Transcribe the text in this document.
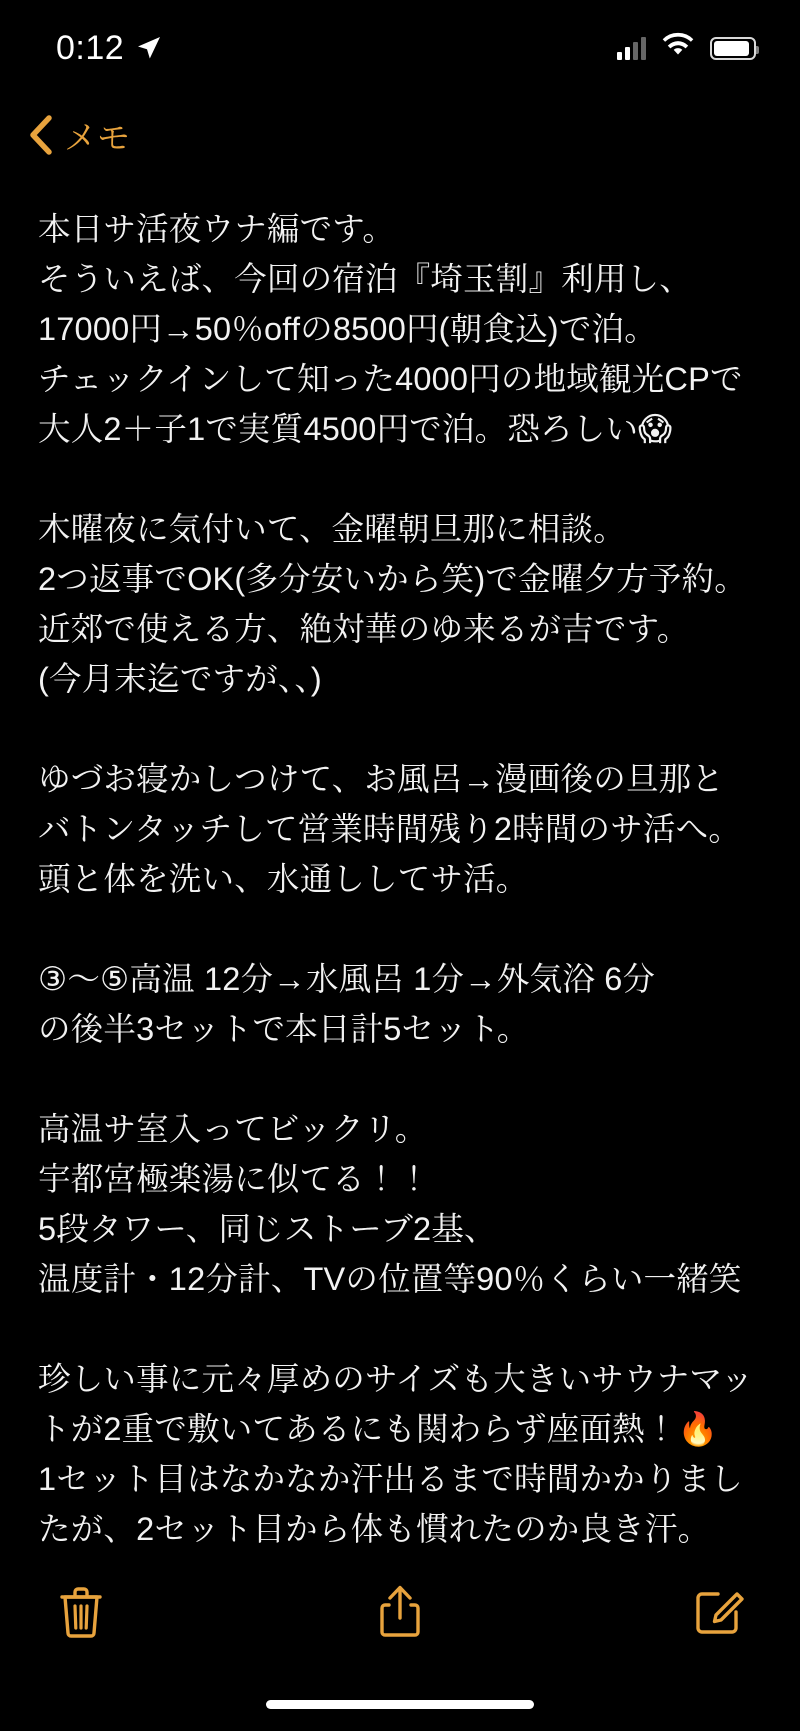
0:12
メモ
本日サ活夜ウナ編です。
そういえば、今回の宿泊『埼玉割』利用し、
17000円→50％offの8500円(朝食込)で泊。
チェックインして知った4000円の地域観光CPで
大人2＋子1で実質4500円で泊。恐ろしい😱
木曜夜に気付いて、金曜朝旦那に相談。
2つ返事でOK(多分安いから笑)で金曜夕方予約。
近郊で使える方、絶対華のゆ来るが吉です。
(今月末迄ですが、、)
ゆづお寝かしつけて、お風呂→漫画後の旦那と
バトンタッチして営業時間残り2時間のサ活へ。
頭と体を洗い、水通ししてサ活。
③〜⑤高温 12分→水風呂 1分→外気浴 6分
の後半3セットで本日計5セット。
高温サ室入ってビックリ。
宇都宮極楽湯に似てる！！
5段タワー、同じストーブ2基、
温度計・12分計、TVの位置等90％くらい一緒笑
珍しい事に元々厚めのサイズも大きいサウナマッ
トが2重で敷いてあるにも関わらず座面熱！🔥
1セット目はなかなか汗出るまで時間かかりまし
たが、2セット目から体も慣れたのか良き汗。
